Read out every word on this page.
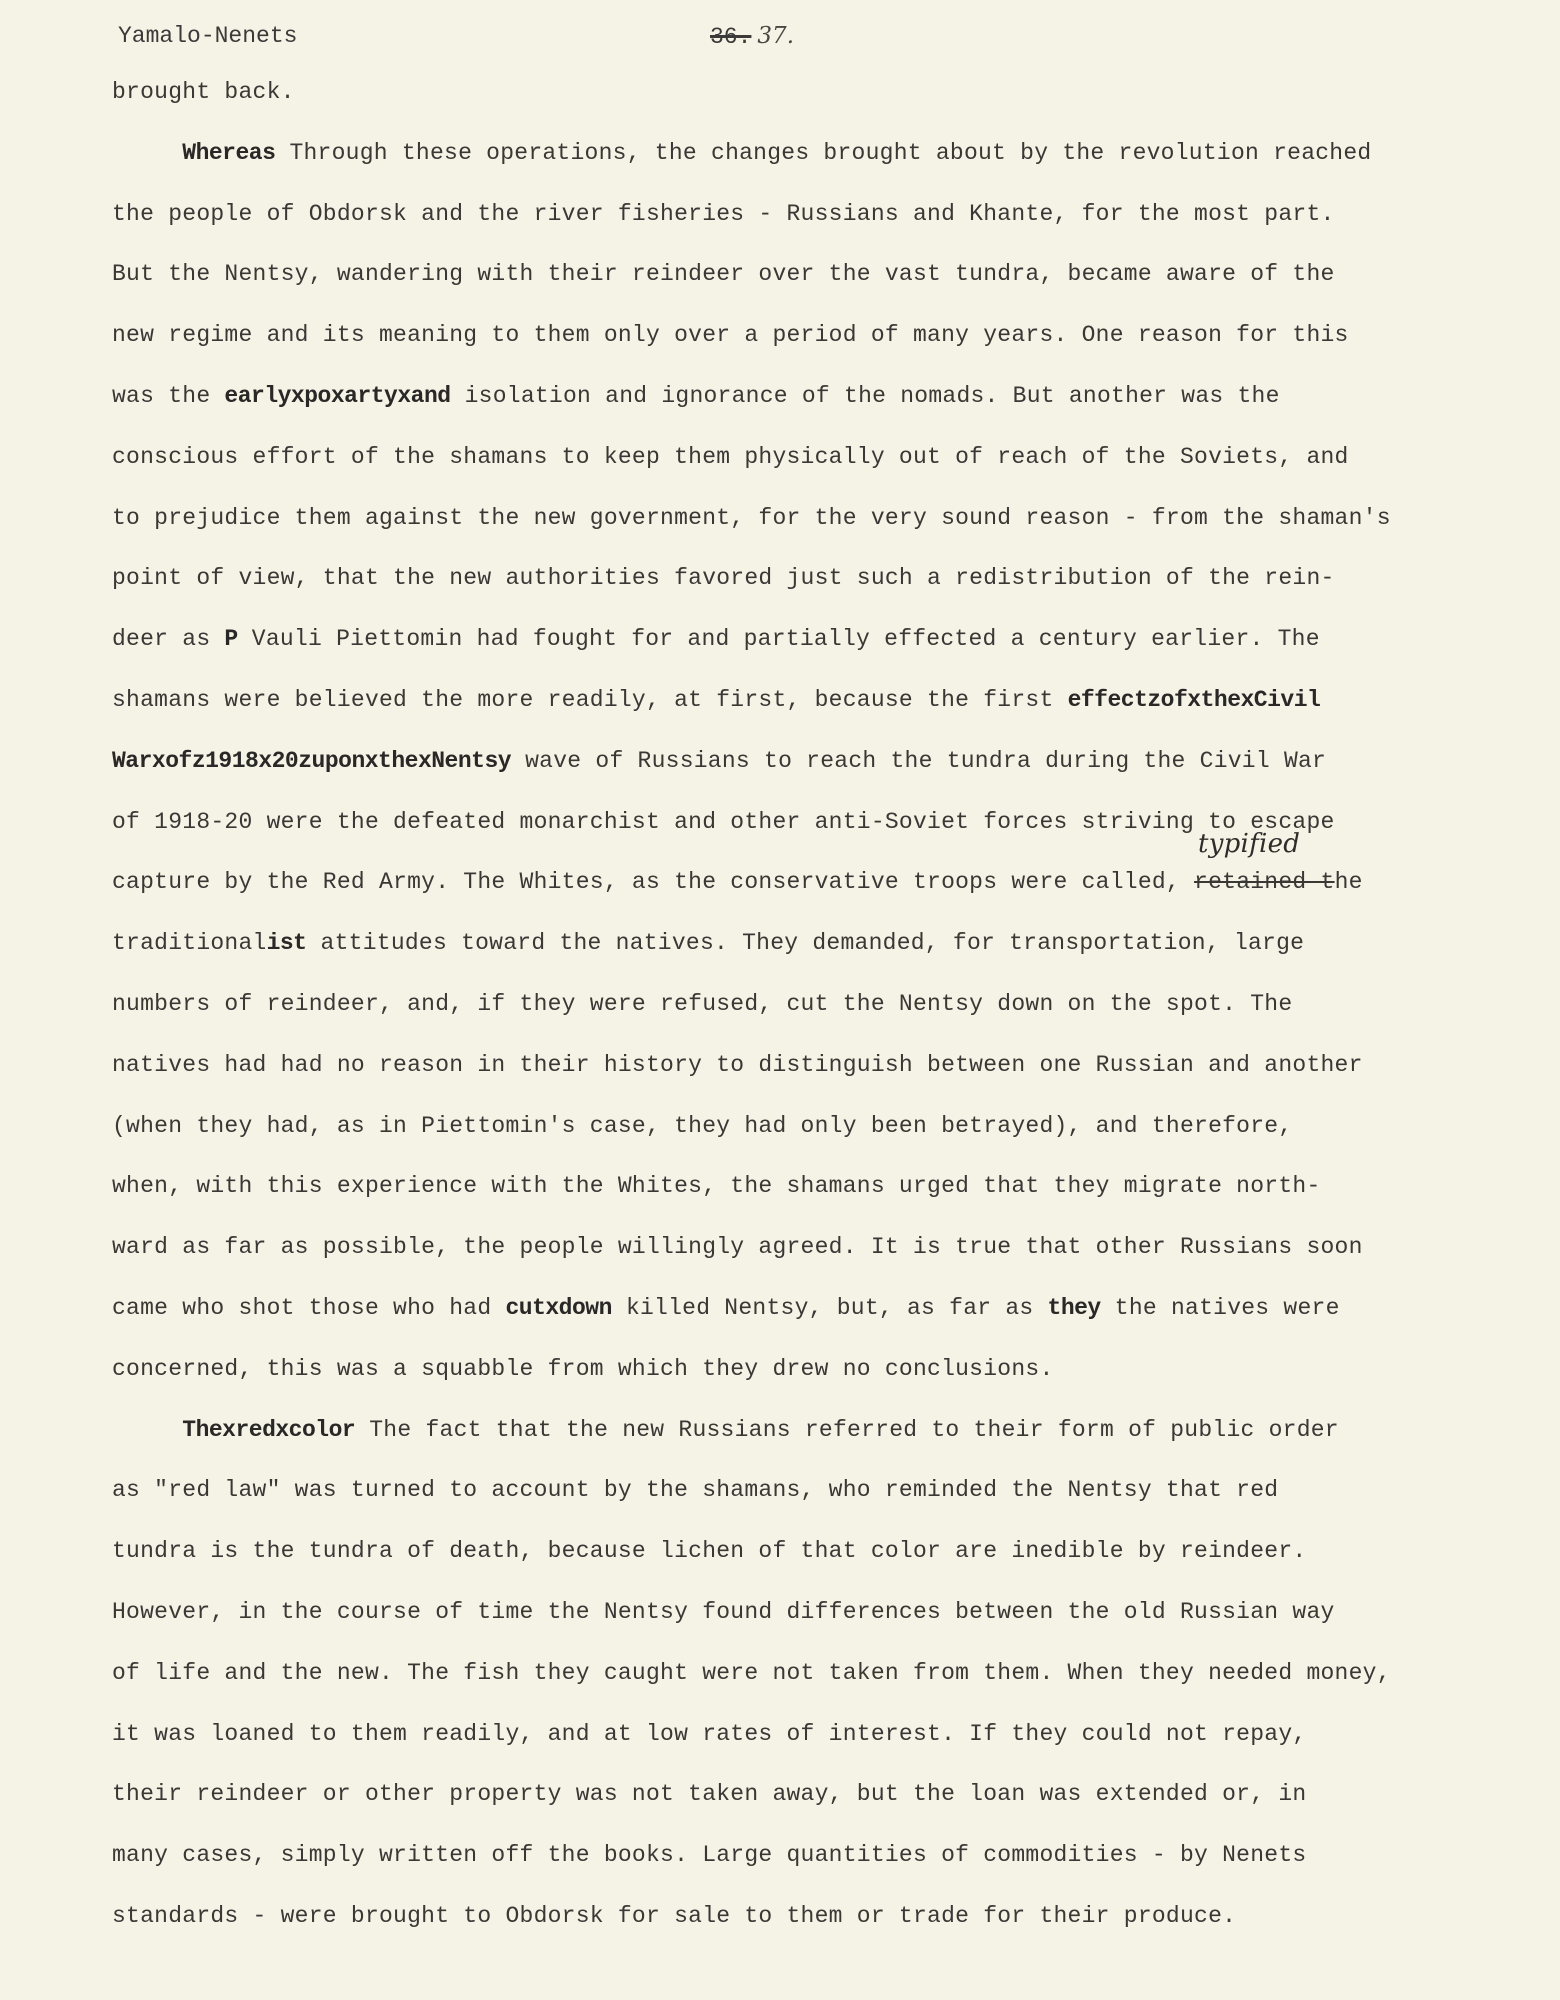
Yamalo-Nenets	36. 37.
brought back.
Whereas Through these operations, the changes brought about by the revolution reached
the people of Obdorsk and the river fisheries - Russians and Khante, for the most part.
But the Nentsy, wandering with their reindeer over the vast tundra, became aware of the
new regime and its meaning to them only over a period of many years. One reason for this
was the earlyxpoxartyxand isolation and ignorance of the nomads. But another was the
conscious effort of the shamans to keep them physically out of reach of the Soviets, and
to prejudice them against the new government, for the very sound reason - from the shaman's
point of view, that the new authorities favored just such a redistribution of the rein-
deer as P Vauli Piettomin had fought for and partially effected a century earlier. The
shamans were believed the more readily, at first, because the first effectzofxthexCivil
Warxofz1918x20zuponxthexNentsy wave of Russians to reach the tundra during the Civil War
of 1918-20 were the defeated monarchist and other anti-Soviet forces striving to escape
capture by the Red Army. The Whites, as the conservative troops were called, retained t
typified
he
traditionalist attitudes toward the natives. They demanded, for transportation, large
numbers of reindeer, and, if they were refused, cut the Nentsy down on the spot. The
natives had had no reason in their history to distinguish between one Russian and another
(when they had, as in Piettomin's case, they had only been betrayed), and therefore,
when, with this experience with the Whites, the shamans urged that they migrate north-
ward as far as possible, the people willingly agreed. It is true that other Russians soon
came who shot those who had cutxdown killed Nentsy, but, as far as they the natives were
concerned, this was a squabble from which they drew no conclusions.
Thexredxcolor The fact that the new Russians referred to their form of public order
as "red law" was turned to account by the shamans, who reminded the Nentsy that red
tundra is the tundra of death, because lichen of that color are inedible by reindeer.
However, in the course of time the Nentsy found differences between the old Russian way
of life and the new. The fish they caught were not taken from them. When they needed money,
it was loaned to them readily, and at low rates of interest. If they could not repay,
their reindeer or other property was not taken away, but the loan was extended or, in
many cases, simply written off the books. Large quantities of commodities - by Nenets
standards - were brought to Obdorsk for sale to them or trade for their produce.
